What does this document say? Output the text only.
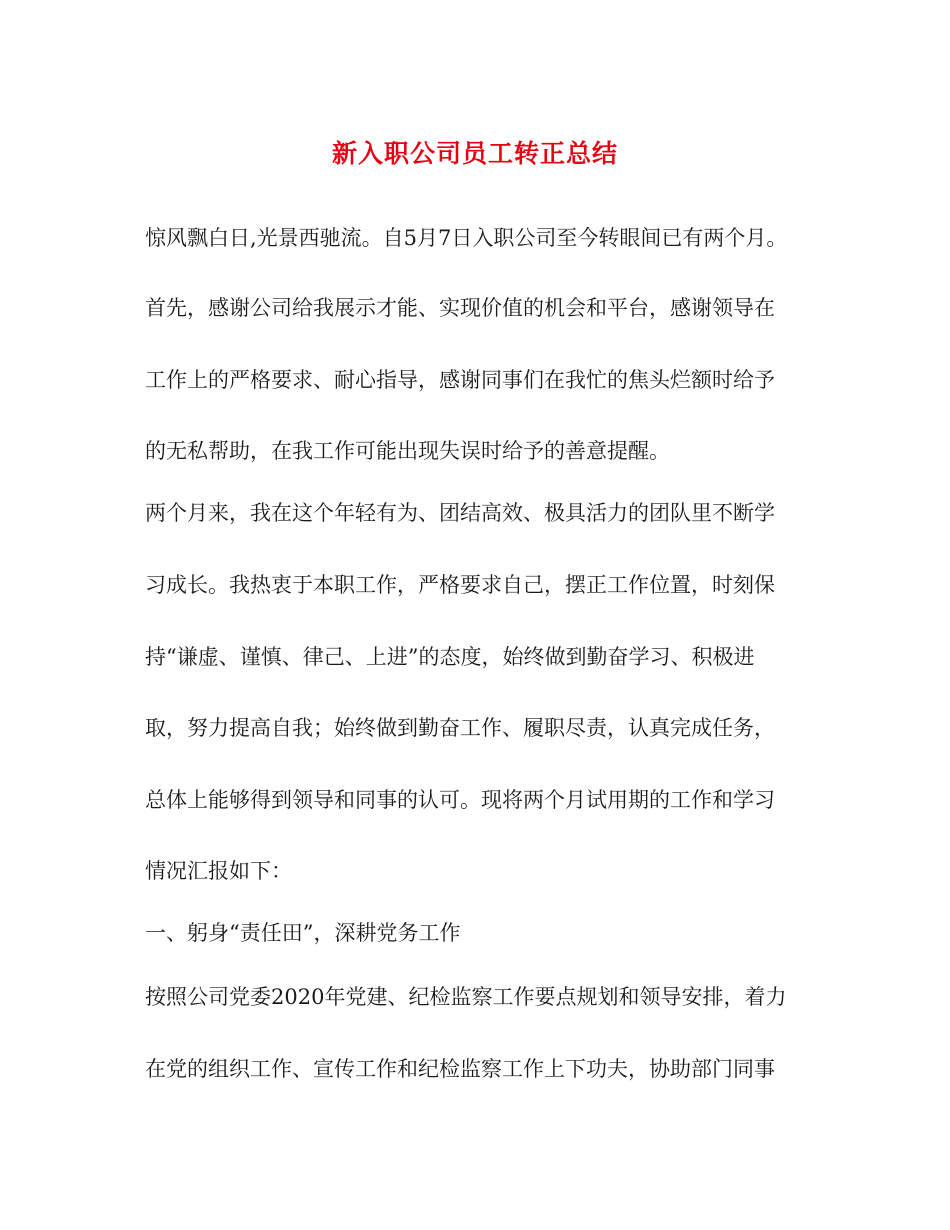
新入职公司员工转正总结
惊风飘白日,光景西驰流。自5月7日入职公司至今转眼间已有两个月。
首先，感谢公司给我展示才能、实现价值的机会和平台，感谢领导在
工作上的严格要求、耐心指导，感谢同事们在我忙的焦头烂额时给予
的无私帮助，在我工作可能出现失误时给予的善意提醒。
两个月来，我在这个年轻有为、团结高效、极具活力的团队里不断学
习成长。我热衷于本职工作，严格要求自己，摆正工作位置，时刻保
持“谦虚、谨慎、律己、上进”的态度，始终做到勤奋学习、积极进
取，努力提高自我；始终做到勤奋工作、履职尽责，认真完成任务，
总体上能够得到领导和同事的认可。现将两个月试用期的工作和学习
情况汇报如下：
一、躬身“责任田”，深耕党务工作
按照公司党委2020年党建、纪检监察工作要点规划和领导安排，着力
在党的组织工作、宣传工作和纪检监察工作上下功夫，协助部门同事
